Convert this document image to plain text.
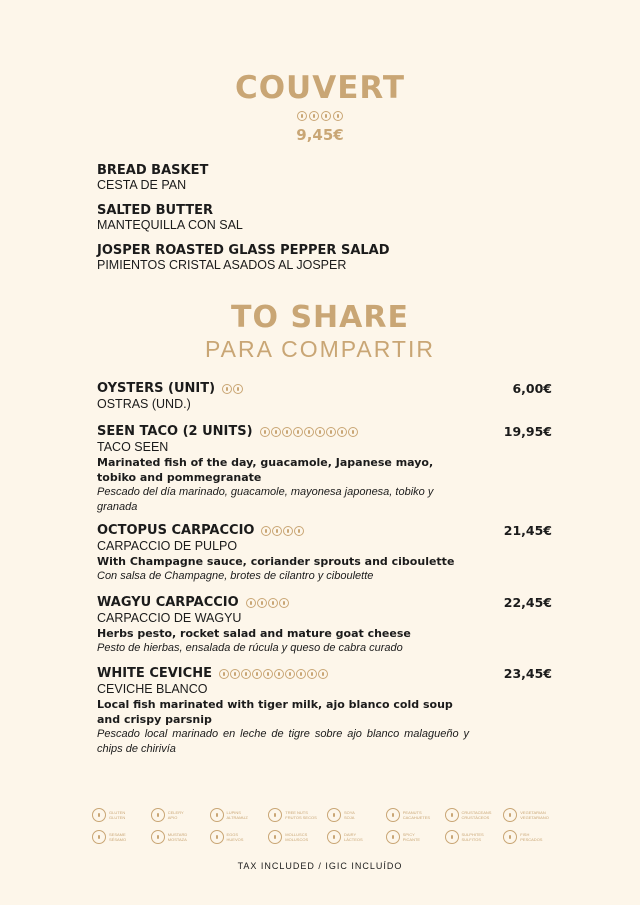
COUVERT
9,45€
BREAD BASKET
CESTA DE PAN
SALTED BUTTER
MANTEQUILLA CON SAL
JOSPER ROASTED GLASS PEPPER SALAD
PIMIENTOS CRISTAL ASADOS AL JOSPER
TO SHARE
PARA COMPARTIR
OYSTERS (UNIT)	6,00€
OSTRAS (UND.)
SEEN TACO (2 UNITS)	19,95€
TACO SEEN
Marinated fish of the day, guacamole, Japanese mayo, tobiko and pommegranate
Pescado del día marinado, guacamole, mayonesa japonesa, tobiko y granada
OCTOPUS CARPACCIO	21,45€
CARPACCIO DE PULPO
With Champagne sauce, coriander sprouts and ciboulette
Con salsa de Champagne, brotes de cilantro y ciboulette
WAGYU CARPACCIO	22,45€
CARPACCIO DE WAGYU
Herbs pesto, rocket salad and mature goat cheese
Pesto de hierbas, ensalada de rúcula y queso de cabra curado
WHITE CEVICHE	23,45€
CEVICHE BLANCO
Local fish marinated with tiger milk, ajo blanco cold soup and crispy parsnip
Pescado local marinado en leche de tigre sobre ajo blanco malagueño y chips de chirivía
GLUTEN
GLUTEN
CELERY
APIO
LUPINS
ALTRAMUZ
TREE NUTS
FRUTOS SECOS
SOYA
SOJA
PEANUTS
CACAHUETES
CRUSTACEANS
CRUSTÁCEOS
VEGETARIAN
VEGETARIANO
SESAME
SÉSAMO
MUSTARD
MOSTAZA
EGGS
HUEVOS
MOLLUSCS
MOLUSCOS
DAIRY
LÁCTEOS
SPICY
PICANTE
SULPHITES
SULFITOS
FISH
PESCADOS
TAX INCLUDED / IGIC INCLUÍDO
